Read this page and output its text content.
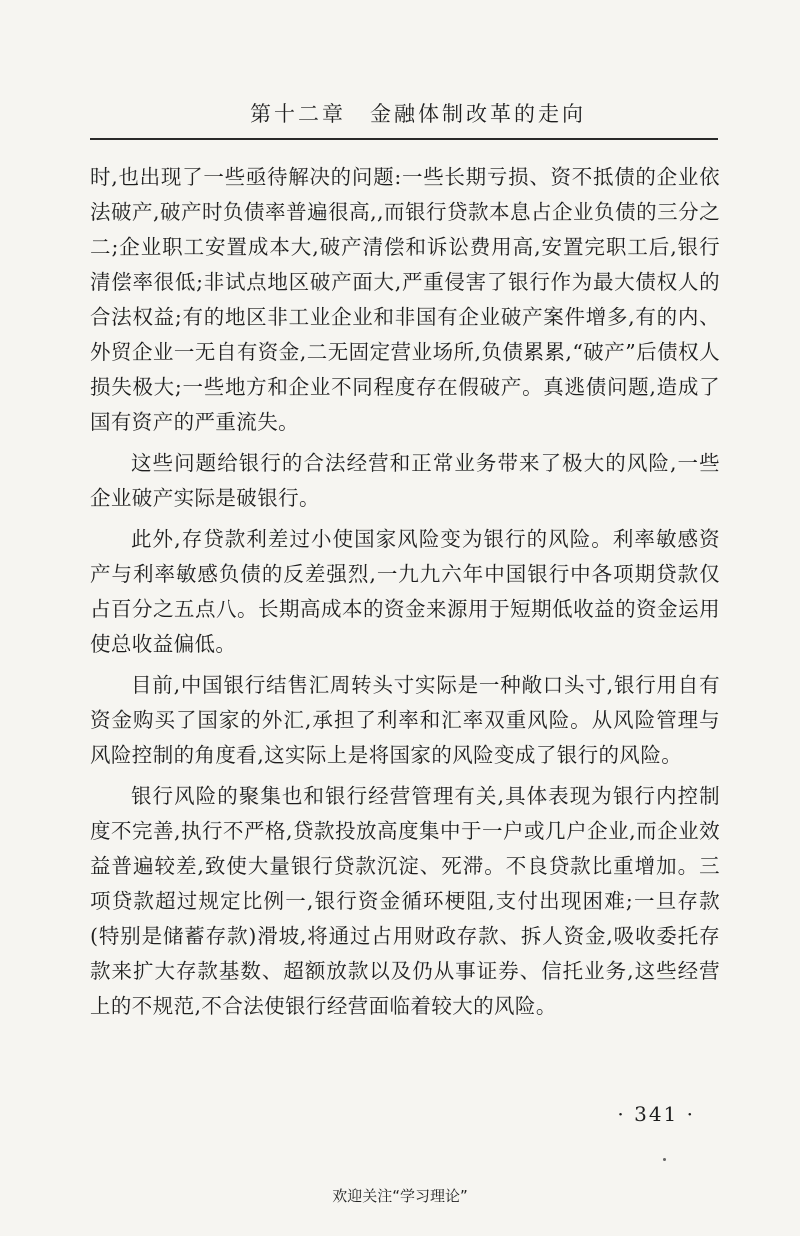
第十二章　金融体制改革的走向

时,也出现了一些亟待解决的问题:一些长期亏损、资不抵债的企业依法破产,破产时负债率普遍很高,,而银行贷款本息占企业负债的三分之二;企业职工安置成本大,破产清偿和诉讼费用高,安置完职工后,银行清偿率很低;非试点地区破产面大,严重侵害了银行作为最大债权人的合法权益;有的地区非工业企业和非国有企业破产案件增多,有的内、外贸企业一无自有资金,二无固定营业场所,负债累累,“破产”后债权人损失极大;一些地方和企业不同程度存在假破产。真逃债问题,造成了国有资产的严重流失。

这些问题给银行的合法经营和正常业务带来了极大的风险,一些企业破产实际是破银行。

此外,存贷款利差过小使国家风险变为银行的风险。利率敏感资产与利率敏感负债的反差强烈,一九九六年中国银行中各项期贷款仅占百分之五点八。长期高成本的资金来源用于短期低收益的资金运用使总收益偏低。

目前,中国银行结售汇周转头寸实际是一种敞口头寸,银行用自有资金购买了国家的外汇,承担了利率和汇率双重风险。从风险管理与风险控制的角度看,这实际上是将国家的风险变成了银行的风险。

银行风险的聚集也和银行经营管理有关,具体表现为银行内控制度不完善,执行不严格,贷款投放高度集中于一户或几户企业,而企业效益普遍较差,致使大量银行贷款沉淀、死滞。不良贷款比重增加。三项贷款超过规定比例一,银行资金循环梗阻,支付出现困难;一旦存款(特别是储蓄存款)滑坡,将通过占用财政存款、拆人资金,吸收委托存款来扩大存款基数、超额放款以及仍从事证券、信托业务,这些经营上的不规范,不合法使银行经营面临着较大的风险。

· 341 ·
欢迎关注“学习理论”
